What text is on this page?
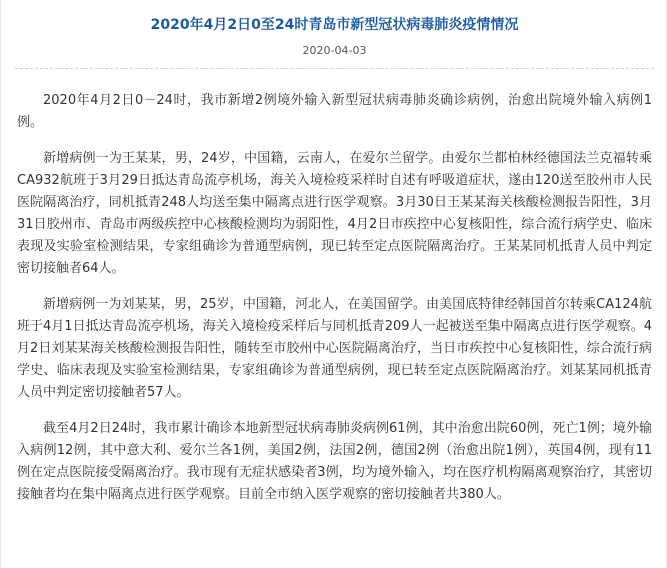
2020年4月2日0至24时青岛市新型冠状病毒肺炎疫情情况
2020-04-03

2020年4月2日0－24时，我市新增2例境外输入新型冠状病毒肺炎确诊病例，治愈出院境外输入病例1例。

新增病例一为王某某，男，24岁，中国籍，云南人，在爱尔兰留学。由爱尔兰都柏林经德国法兰克福转乘CA932航班于3月29日抵达青岛流亭机场，海关入境检疫采样时自述有呼吸道症状，遂由120送至胶州市人民医院隔离治疗，同机抵青248人均送至集中隔离点进行医学观察。3月30日王某某海关核酸检测报告阳性，3月31日胶州市、青岛市两级疾控中心核酸检测均为弱阳性，4月2日市疾控中心复核阳性，综合流行病学史、临床表现及实验室检测结果，专家组确诊为普通型病例，现已转至定点医院隔离治疗。王某某同机抵青人员中判定密切接触者64人。

新增病例一为刘某某，男，25岁，中国籍，河北人，在美国留学。由美国底特律经韩国首尔转乘CA124航班于4月1日抵达青岛流亭机场，海关入境检疫采样后与同机抵青209人一起被送至集中隔离点进行医学观察。4月2日刘某某海关核酸检测报告阳性，随转至市胶州中心医院隔离治疗，当日市疾控中心复核阳性，综合流行病学史、临床表现及实验室检测结果，专家组确诊为普通型病例，现已转至定点医院隔离治疗。刘某某同机抵青人员中判定密切接触者57人。

截至4月2日24时，我市累计确诊本地新型冠状病毒肺炎病例61例，其中治愈出院60例，死亡1例；境外输入病例12例，其中意大利、爱尔兰各1例，美国2例，法国2例，德国2例（治愈出院1例），英国4例，现有11例在定点医院接受隔离治疗。我市现有无症状感染者3例，均为境外输入，均在医疗机构隔离观察治疗，其密切接触者均在集中隔离点进行医学观察。目前全市纳入医学观察的密切接触者共380人。
